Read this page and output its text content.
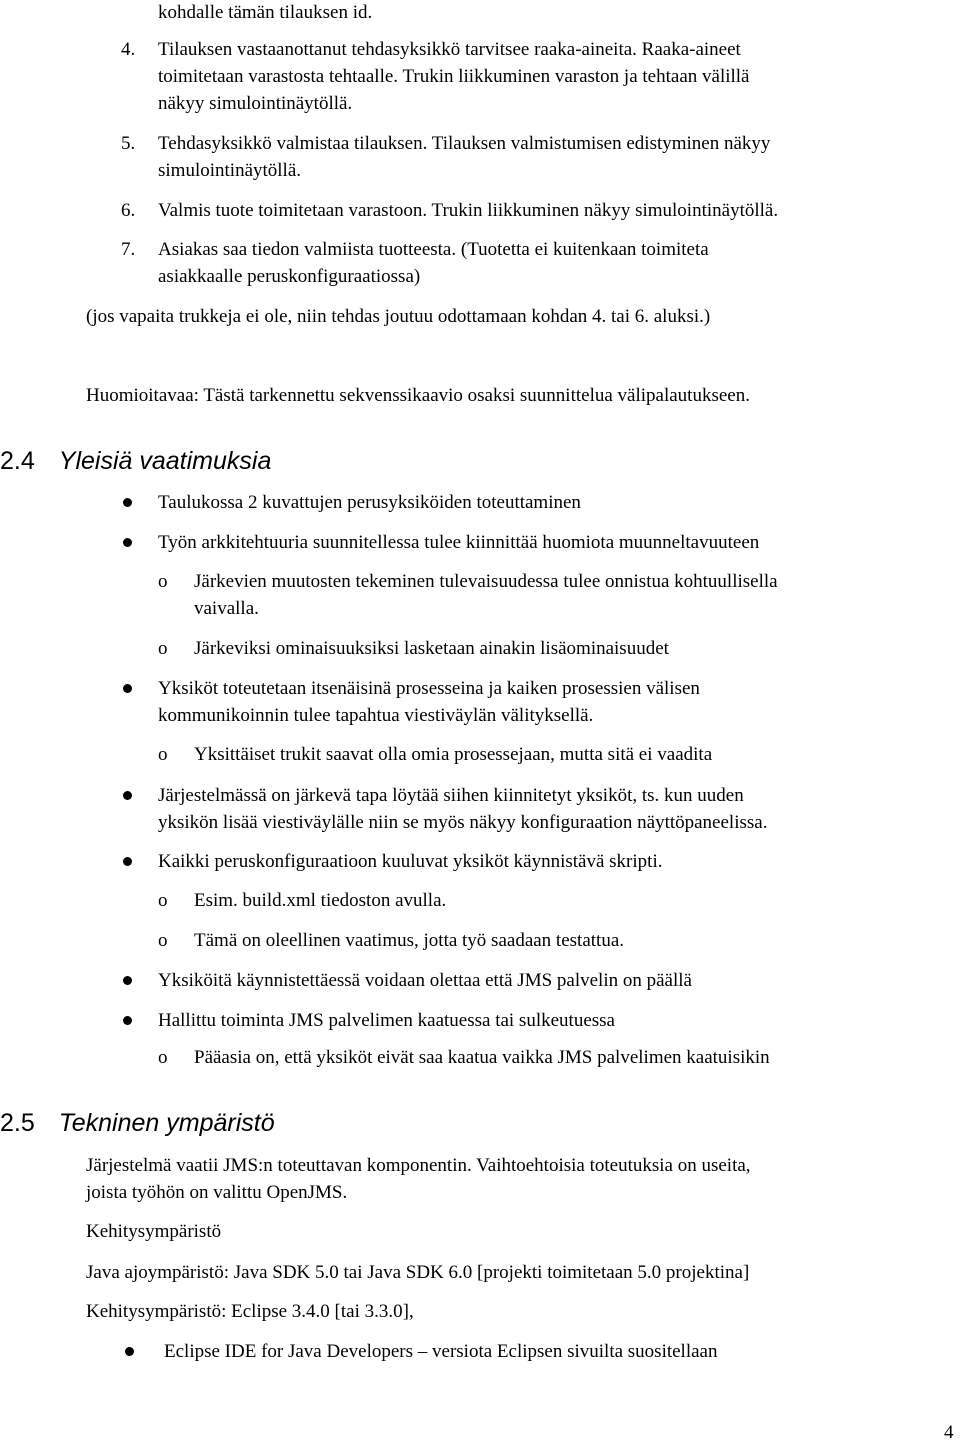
kohdalle tämän tilauksen id.
4. Tilauksen vastaanottanut tehdasyksikkö tarvitsee raaka-aineita. Raaka-aineet
toimitetaan varastosta tehtaalle. Trukin liikkuminen varaston ja tehtaan välillä
näkyy simulointinäytöllä.
5. Tehdasyksikkö valmistaa tilauksen. Tilauksen valmistumisen edistyminen näkyy
simulointinäytöllä.
6. Valmis tuote toimitetaan varastoon. Trukin liikkuminen näkyy simulointinäytöllä.
7. Asiakas saa tiedon valmiista tuotteesta. (Tuotetta ei kuitenkaan toimiteta
asiakkaalle peruskonfiguraatiossa)
(jos vapaita trukkeja ei ole, niin tehdas joutuu odottamaan kohdan 4. tai 6. aluksi.)
Huomioitavaa: Tästä tarkennettu sekvenssikaavio osaksi suunnittelua välipalautukseen.
2.4 Yleisiä vaatimuksia
Taulukossa 2 kuvattujen perusyksiköiden toteuttaminen
Työn arkkitehtuuria suunnitellessa tulee kiinnittää huomiota muunneltavuuteen
o Järkevien muutosten tekeminen tulevaisuudessa tulee onnistua kohtuullisella
vaivalla.
o Järkeviksi ominaisuuksiksi lasketaan ainakin lisäominaisuudet
Yksiköt toteutetaan itsenäisinä prosesseina ja kaiken prosessien välisen
kommunikoinnin tulee tapahtua viestiväylän välityksellä.
o Yksittäiset trukit saavat olla omia prosessejaan, mutta sitä ei vaadita
Järjestelmässä on järkevä tapa löytää siihen kiinnitetyt yksiköt, ts. kun uuden
yksikön lisää viestiväylälle niin se myös näkyy konfiguraation näyttöpaneelissa.
Kaikki peruskonfiguraatioon kuuluvat yksiköt käynnistävä skripti.
o Esim. build.xml tiedoston avulla.
o Tämä on oleellinen vaatimus, jotta työ saadaan testattua.
Yksiköitä käynnistettäessä voidaan olettaa että JMS palvelin on päällä
Hallittu toiminta JMS palvelimen kaatuessa tai sulkeutuessa
o Pääasia on, että yksiköt eivät saa kaatua vaikka JMS palvelimen kaatuisikin
2.5 Tekninen ympäristö
Järjestelmä vaatii JMS:n toteuttavan komponentin. Vaihtoehtoisia toteutuksia on useita,
joista työhön on valittu OpenJMS.
Kehitysympäristö
Java ajoympäristö: Java SDK 5.0 tai Java SDK 6.0 [projekti toimitetaan 5.0 projektina]
Kehitysympäristö: Eclipse 3.4.0 [tai 3.3.0],
Eclipse IDE for Java Developers – versiota Eclipsen sivuilta suositellaan
4
